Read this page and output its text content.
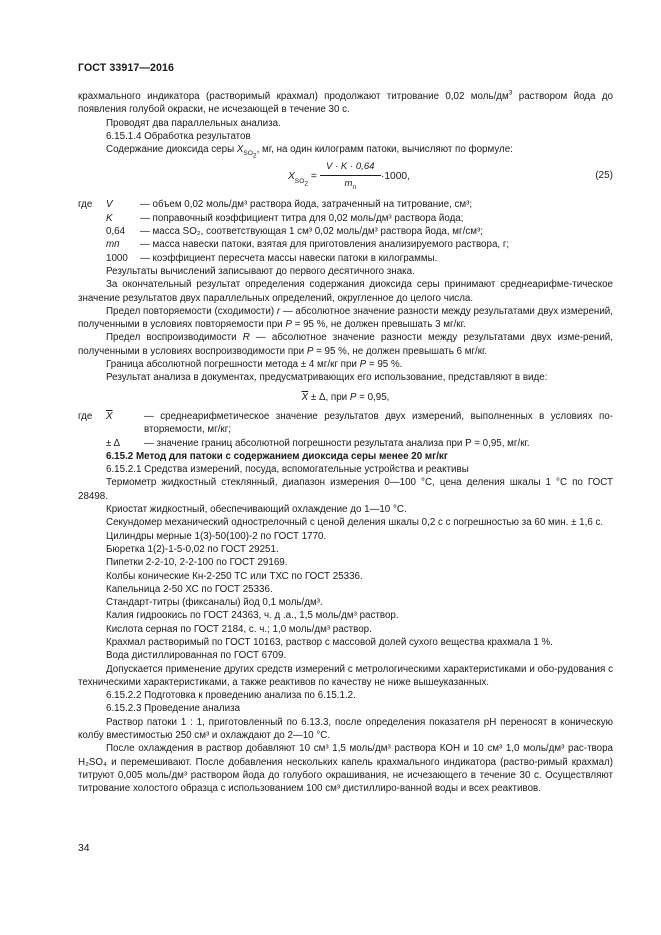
ГОСТ 33917—2016

крахмального индикатора (растворимый крахмал) продолжают титрование 0,02 моль/$дм^3$ раствором йода до появления голубой окраски, не исчезающей в течение 30 с.

Проводят два параллельных анализа.

6.15.1.4 Обработка результатов

Содержание диоксида серы $X_{SO_2}$, мг, на один килограмм патоки, вычисляют по формуле:

$X_{SO_2}$ =
V · K · 0,64
$m_п$
·1000,	(25)
где	V	— объем 0,02 моль/дм³ раствора йода, затраченный на титрование, см³;
K	— поправочный коэффициент титра для 0,02 моль/дм³ раствора йода;
0,64 — масса SO₂, соответствующая 1 см³ 0,02 моль/дм³ раствора йода, мг/см³;
mп — масса навески патоки, взятая для приготовления анализируемого раствора, г;
1000 — коэффициент пересчета массы навески патоки в килограммы.

Результаты вычислений записывают до первого десятичного знака.

За окончательный результат определения содержания диоксида серы принимают среднеарифме-тическое значение результатов двух параллельных определений, округленное до целого числа.

Предел повторяемости (сходимости) r — абсолютное значение разности между результатами двух измерений, полученными в условиях повторяемости при P = 95 %, не должен превышать 3 мг/кг.

Предел воспроизводимости R — абсолютное значение разности между результатами двух изме-рений, полученными в условиях воспроизводимости при P = 95 %, не должен превышать 6 мг/кг.

Граница абсолютной погрешности метода ± 4 мг/кг при P = 95 %.

Результат анализа в документах, предусматривающих его использование, представляют в виде:

$\overline{X} \pm \Delta$, при P = 0,95,

где	$\overline{X}$	— среднеарифметическое значение результатов двух измерений, выполненных в условиях по-вторяемости, мг/кг;
± Δ	— значение границ абсолютной погрешности результата анализа при P = 0,95, мг/кг.

6.15.2 Метод для патоки с содержанием диоксида серы менее 20 мг/кг

6.15.2.1 Средства измерений, посуда, вспомогательные устройства и реактивы

Термометр жидкостный стеклянный, диапазон измерения 0—100 °С, цена деления шкалы 1 °С по ГОСТ 28498.

Криостат жидкостный, обеспечивающий охлаждение до 1—10 °С.

Секундомер механический однострелочный с ценой деления шкалы 0,2 с с погрешностью за 60 мин. ± 1,6 с.

Цилиндры мерные 1(3)-50(100)-2 по ГОСТ 1770.

Бюретка 1(2)-1-5-0,02 по ГОСТ 29251.

Пипетки 2-2-10, 2-2-100 по ГОСТ 29169.

Колбы конические Кн-2-250 ТС или ТХС по ГОСТ 25336.

Капельница 2-50 ХС по ГОСТ 25336.

Стандарт-титры (фиксаналы) йод 0,1 моль/дм³.

Калия гидроокись по ГОСТ 24363, ч. д .а., 1,5 моль/дм³ раствор.

Кислота серная по ГОСТ 2184, с. ч.; 1,0 моль/дм³ раствор.

Крахмал растворимый по ГОСТ 10163, раствор с массовой долей сухого вещества крахмала 1 %.

Вода дистиллированная по ГОСТ 6709.

Допускается применение других средств измерений с метрологическими характеристиками и обо-рудования с техническими характеристиками, а также реактивов по качеству не ниже вышеуказанных.

6.15.2.2 Подготовка к проведению анализа по 6.15.1.2.

6.15.2.3 Проведение анализа

Раствор патоки 1 : 1, приготовленный по 6.13.3, после определения показателя pH переносят в коническую колбу вместимостью 250 см³ и охлаждают до 2—10 °С.

После охлаждения в раствор добавляют 10 см³ 1,5 моль/дм³ раствора КОН и 10 см³ 1,0 моль/дм³ рас-твора H₂SO₄ и перемешивают. После добавления нескольких капель крахмального индикатора (раство-римый крахмал) титруют 0,005 моль/дм³ раствором йода до голубого окрашивания, не исчезающего в течение 30 с. Осуществляют титрование холостого образца с использованием 100 см³ дистиллиро-ванной воды и всех реактивов.

34
